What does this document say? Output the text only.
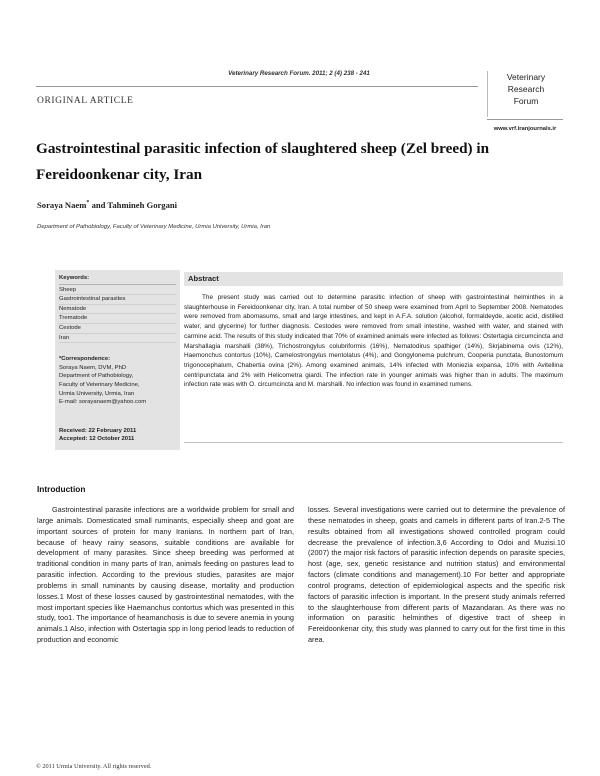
Veterinary Research Forum. 2011; 2 (4) 238 - 241	Veterinary
Research
Forum
www.vrf.iranjournals.ir
ORIGINAL ARTICLE
Gastrointestinal parasitic infection of slaughtered sheep (Zel breed) in Fereidoonkenar city, Iran
Soraya Naem* and Tahmineh Gorgani
Department of Pathobiology, Faculty of Veterinary Medicine, Urmia University, Urmia, Iran
Keywords:
Sheep
Gastrointestinal parasites
Nematode
Trematode
Cestode
Iran
*Correspondence:
Soraya Naem, DVM, PhD
Department of Pathobiology,
Faculty of Veterinary Medicine,
Urmia University, Urmia, Iran
E-mail: sorayanaem@yahoo.com
Received: 22 February 2011
Accepted: 12 October 2011
Abstract

The present study was carried out to determine parasitic infection of sheep with gastrointestinal helminthes in a slaughterhouse in Fereidoonkenar city, Iran. A total number of 50 sheep were examined from April to September 2008. Nematodes were removed from abomasums, small and large intestines, and kept in A.F.A. solution (alcohol, formaldeyde, acetic acid, distilled water, and glycerine) for further diagnosis. Cestodes were removed from small intestine, washed with water, and stained with carmine acid. The results of this study indicated that 70% of examined animals were infected as follows: Ostertagia circumcincta and Marshallagia marshalli (38%), Trichostrongylus colubriformis (16%), Nematodirus spathiger (14%), Skrjabinema ovis (12%), Haemonchus contortus (10%), Camelostrongylus mentolatus (4%), and Gongylonema pulchrum, Cooperia punctata, Bunostomum trigonocephalum, Chabertia ovina (2%). Among examined animals, 14% infected with Moniezia expansa, 10% with Avitellina centripunctata and 2% with Helicometra giardi. The infection rate in younger animals was higher than in adults. The maximum infection rate was with O. circumcincta and M. marshalli. No infection was found in examined rumens.

Introduction

Gastrointestinal parasite infections are a worldwide problem for small and large animals. Domesticated small ruminants, especially sheep and goat are important sources of protein for many Iranians. In northern part of Iran, because of heavy rainy seasons, suitable conditions are available for development of many parasites. Since sheep breeding was performed at traditional condition in many parts of Iran, animals feeding on pastures lead to parasitic infection. According to the previous studies, parasites are major problems in small ruminants by causing disease, mortality and production losses.1 Most of these losses caused by gastrointestinal nematodes, with the most important species like Haemanchus contortus which was presented in this study, too1. The importance of heamanchosis is due to severe anemia in young animals.1 Also, infection with Ostertagia spp in long period leads to reduction of production and economic

losses. Several investigations were carried out to determine the prevalence of these nematodes in sheep, goats and camels in different parts of Iran.2-5 The results obtained from all investigations showed controlled program could decrease the prevalence of infection.3,6 According to Odoi and Muzisi.10 (2007) the major risk factors of parasitic infection depends on parasite species, host (age, sex, genetic resistance and nutrition status) and environmental factors (climate conditions and management).10 For better and appropriate control programs, detection of epidemiological aspects and the specific risk factors of parasitic infection is important. In the present study animals referred to the slaughterhouse from different parts of Mazandaran. As there was no information on parasitic helminthes of digestive tract of sheep in Fereidoonkenar city, this study was planned to carry out for the first time in this area.

© 2011 Urmia University. All rights reserved.
